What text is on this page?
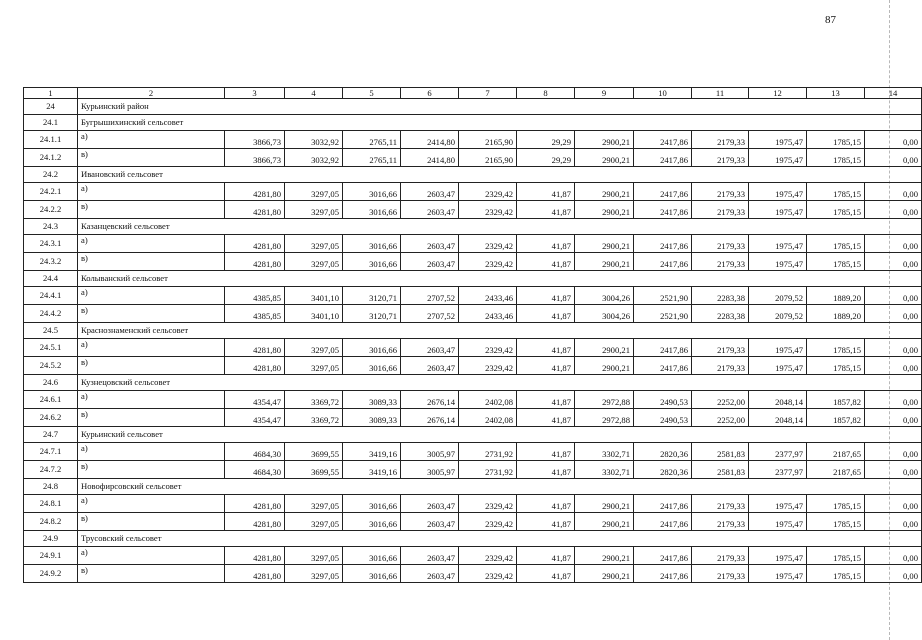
87
1	2	3	4	5	6	7	8	9	10	11	12	13	14
24	Курьинский район												
24.1	Бугрышихинский сельсовет												
24.1.1	а)	3866,73	3032,92	2765,11	2414,80	2165,90	29,29	2900,21	2417,86	2179,33	1975,47	1785,15	0,00
24.1.2	в)	3866,73	3032,92	2765,11	2414,80	2165,90	29,29	2900,21	2417,86	2179,33	1975,47	1785,15	0,00
24.2	Ивановский сельсовет												
24.2.1	а)	4281,80	3297,05	3016,66	2603,47	2329,42	41,87	2900,21	2417,86	2179,33	1975,47	1785,15	0,00
24.2.2	в)	4281,80	3297,05	3016,66	2603,47	2329,42	41,87	2900,21	2417,86	2179,33	1975,47	1785,15	0,00
24.3	Казанцевский сельсовет												
24.3.1	а)	4281,80	3297,05	3016,66	2603,47	2329,42	41,87	2900,21	2417,86	2179,33	1975,47	1785,15	0,00
24.3.2	в)	4281,80	3297,05	3016,66	2603,47	2329,42	41,87	2900,21	2417,86	2179,33	1975,47	1785,15	0,00
24.4	Колыванский сельсовет												
24.4.1	а)	4385,85	3401,10	3120,71	2707,52	2433,46	41,87	3004,26	2521,90	2283,38	2079,52	1889,20	0,00
24.4.2	в)	4385,85	3401,10	3120,71	2707,52	2433,46	41,87	3004,26	2521,90	2283,38	2079,52	1889,20	0,00
24.5	Краснознаменский сельсовет												
24.5.1	а)	4281,80	3297,05	3016,66	2603,47	2329,42	41,87	2900,21	2417,86	2179,33	1975,47	1785,15	0,00
24.5.2	в)	4281,80	3297,05	3016,66	2603,47	2329,42	41,87	2900,21	2417,86	2179,33	1975,47	1785,15	0,00
24.6	Кузнецовский сельсовет												
24.6.1	а)	4354,47	3369,72	3089,33	2676,14	2402,08	41,87	2972,88	2490,53	2252,00	2048,14	1857,82	0,00
24.6.2	в)	4354,47	3369,72	3089,33	2676,14	2402,08	41,87	2972,88	2490,53	2252,00	2048,14	1857,82	0,00
24.7	Курьинский сельсовет												
24.7.1	а)	4684,30	3699,55	3419,16	3005,97	2731,92	41,87	3302,71	2820,36	2581,83	2377,97	2187,65	0,00
24.7.2	в)	4684,30	3699,55	3419,16	3005,97	2731,92	41,87	3302,71	2820,36	2581,83	2377,97	2187,65	0,00
24.8	Новофирсовский сельсовет												
24.8.1	а)	4281,80	3297,05	3016,66	2603,47	2329,42	41,87	2900,21	2417,86	2179,33	1975,47	1785,15	0,00
24.8.2	в)	4281,80	3297,05	3016,66	2603,47	2329,42	41,87	2900,21	2417,86	2179,33	1975,47	1785,15	0,00
24.9	Трусовский сельсовет												
24.9.1	а)	4281,80	3297,05	3016,66	2603,47	2329,42	41,87	2900,21	2417,86	2179,33	1975,47	1785,15	0,00
24.9.2	в)	4281,80	3297,05	3016,66	2603,47	2329,42	41,87	2900,21	2417,86	2179,33	1975,47	1785,15	0,00
